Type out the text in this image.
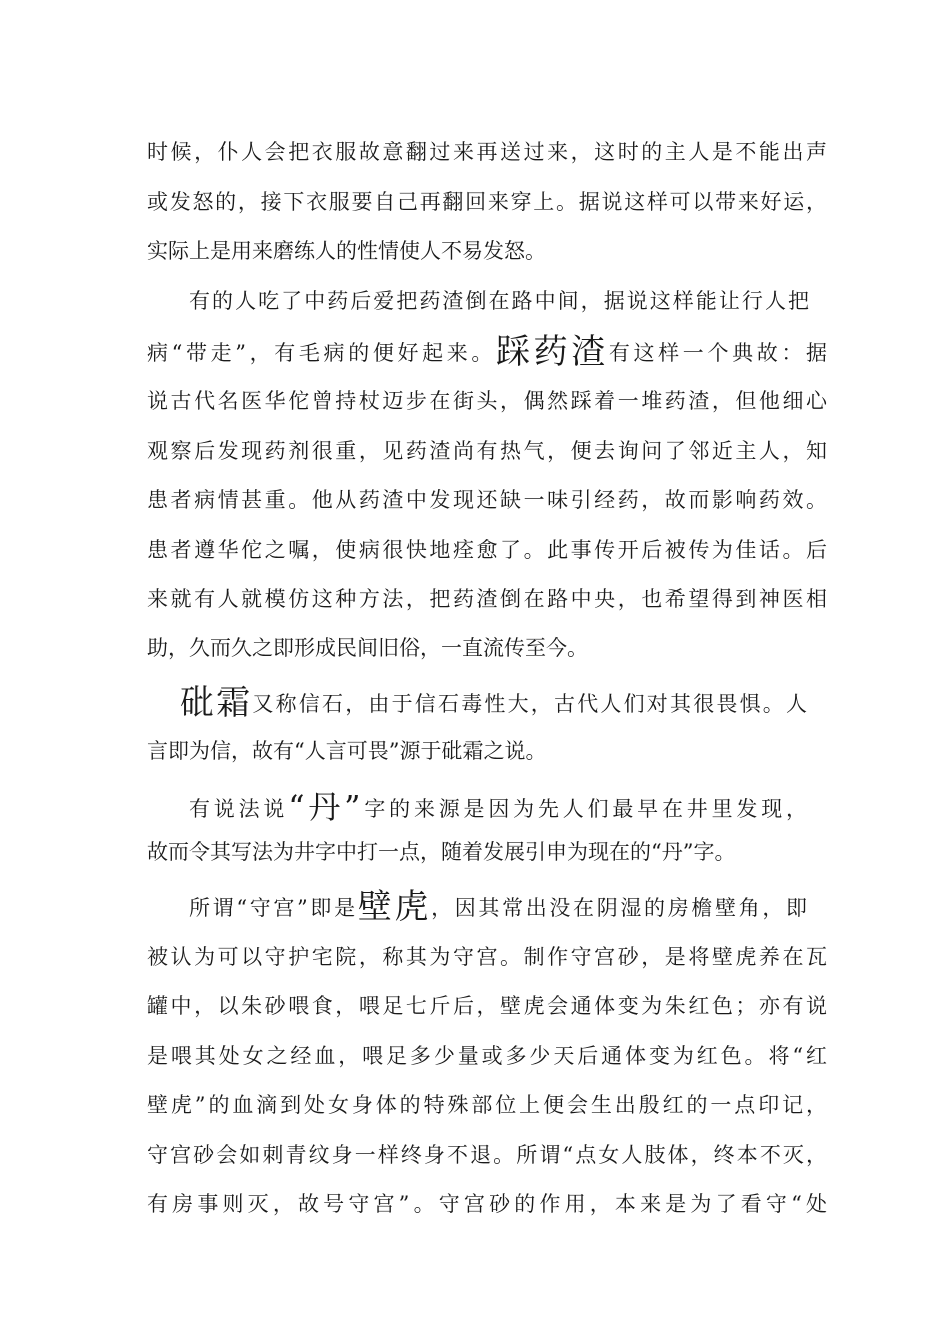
时候，仆人会把衣服故意翻过来再送过来，这时的主人是不能出声
或发怒的，接下衣服要自己再翻回来穿上。据说这样可以带来好运，
实际上是用来磨练人的性情使人不易发怒。
有的人吃了中药后爱把药渣倒在路中间，据说这样能让行人把
病“带走”，有毛病的便好起来。踩药渣有这样一个典故：据
说古代名医华佗曾持杖迈步在街头，偶然踩着一堆药渣，但他细心
观察后发现药剂很重，见药渣尚有热气，便去询问了邻近主人，知
患者病情甚重。他从药渣中发现还缺一味引经药，故而影响药效。
患者遵华佗之嘱，使病很快地痊愈了。此事传开后被传为佳话。后
来就有人就模仿这种方法，把药渣倒在路中央，也希望得到神医相
助，久而久之即形成民间旧俗，一直流传至今。
砒霜又称信石，由于信石毒性大，古代人们对其很畏惧。人
言即为信，故有“人言可畏”源于砒霜之说。
有说法说“丹”字的来源是因为先人们最早在井里发现，
故而令其写法为井字中打一点，随着发展引申为现在的“丹”字。
所谓“守宫”即是壁虎，因其常出没在阴湿的房檐壁角，即
被认为可以守护宅院，称其为守宫。制作守宫砂，是将壁虎养在瓦
罐中，以朱砂喂食，喂足七斤后，壁虎会通体变为朱红色；亦有说
是喂其处女之经血，喂足多少量或多少天后通体变为红色。将“红
壁虎”的血滴到处女身体的特殊部位上便会生出殷红的一点印记，
守宫砂会如刺青纹身一样终身不退。所谓“点女人肢体，终本不灭，
有房事则灭，故号守宫”。守宫砂的作用，本来是为了看守“处
